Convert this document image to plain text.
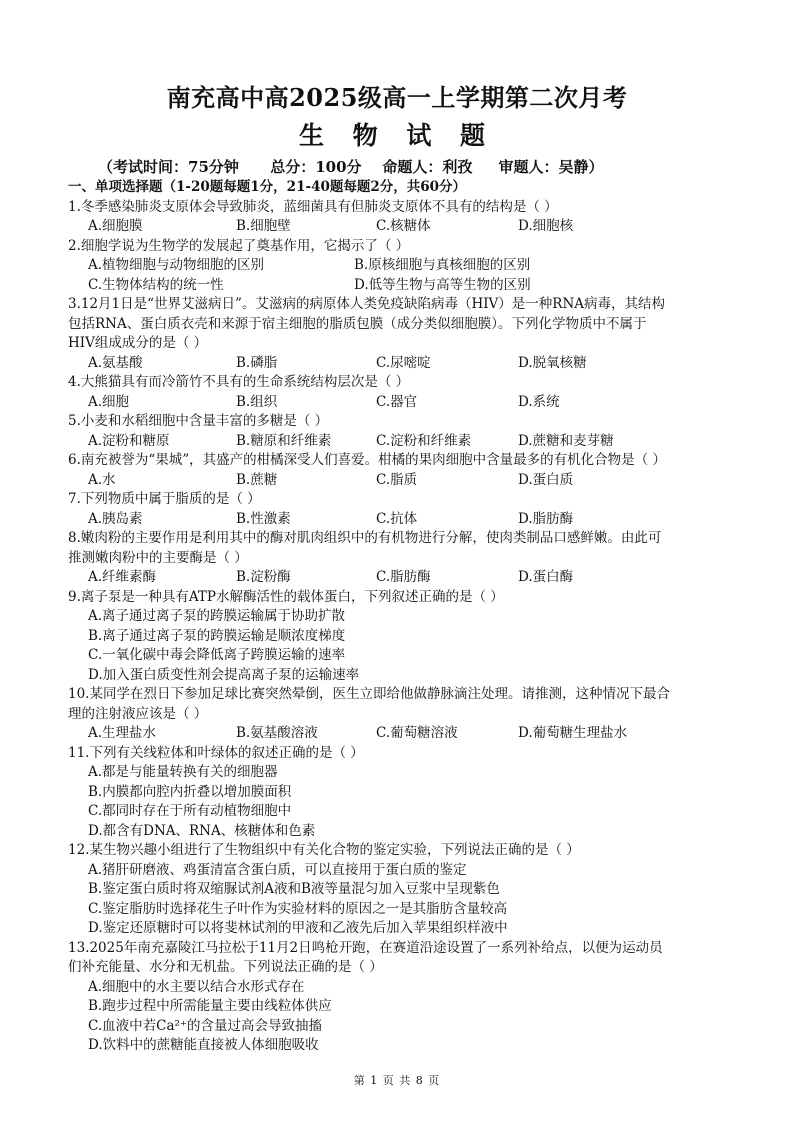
南充高中高2025级高一上学期第二次月考
生 物 试 题
（考试时间：75分钟      总分：100分    命题人：利孜     审题人：吴静）
一、单项选择题（1-20题每题1分，21-40题每题2分，共60分）
1.冬季感染肺炎支原体会导致肺炎，蓝细菌具有但肺炎支原体不具有的结构是（ ）
A.细胞膜	B.细胞壁	C.核糖体	D.细胞核
2.细胞学说为生物学的发展起了奠基作用，它揭示了（ ）
A.植物细胞与动物细胞的区别	B.原核细胞与真核细胞的区别
C.生物体结构的统一性	D.低等生物与高等生物的区别
3.12月1日是“世界艾滋病日”。艾滋病的病原体人类免疫缺陷病毒（HIV）是一种RNA病毒，其结构
包括RNA、蛋白质衣壳和来源于宿主细胞的脂质包膜（成分类似细胞膜）。下列化学物质中不属于
HIV组成成分的是（ ）
A.氨基酸	B.磷脂	C.尿嘧啶	D.脱氧核糖
4.大熊猫具有而冷箭竹不具有的生命系统结构层次是（ ）
A.细胞	B.组织	C.器官	D.系统
5.小麦和水稻细胞中含量丰富的多糖是（ ）
A.淀粉和糖原	B.糖原和纤维素	C.淀粉和纤维素	D.蔗糖和麦芽糖
6.南充被誉为“果城”，其盛产的柑橘深受人们喜爱。柑橘的果肉细胞中含量最多的有机化合物是（ ）
A.水	B.蔗糖	C.脂质	D.蛋白质
7.下列物质中属于脂质的是（ ）
A.胰岛素	B.性激素	C.抗体	D.脂肪酶
8.嫩肉粉的主要作用是利用其中的酶对肌肉组织中的有机物进行分解，使肉类制品口感鲜嫩。由此可
推测嫩肉粉中的主要酶是（ ）
A.纤维素酶	B.淀粉酶	C.脂肪酶	D.蛋白酶
9.离子泵是一种具有ATP水解酶活性的载体蛋白，下列叙述正确的是（ ）
A.离子通过离子泵的跨膜运输属于协助扩散
B.离子通过离子泵的跨膜运输是顺浓度梯度
C.一氧化碳中毒会降低离子跨膜运输的速率
D.加入蛋白质变性剂会提高离子泵的运输速率
10.某同学在烈日下参加足球比赛突然晕倒，医生立即给他做静脉滴注处理。请推测，这种情况下最合
理的注射液应该是（ ）
A.生理盐水	B.氨基酸溶液	C.葡萄糖溶液	D.葡萄糖生理盐水
11.下列有关线粒体和叶绿体的叙述正确的是（ ）
A.都是与能量转换有关的细胞器
B.内膜都向腔内折叠以增加膜面积
C.都同时存在于所有动植物细胞中
D.都含有DNA、RNA、核糖体和色素
12.某生物兴趣小组进行了生物组织中有关化合物的鉴定实验，下列说法正确的是（ ）
A.猪肝研磨液、鸡蛋清富含蛋白质，可以直接用于蛋白质的鉴定
B.鉴定蛋白质时将双缩脲试剂A液和B液等量混匀加入豆浆中呈现紫色
C.鉴定脂肪时选择花生子叶作为实验材料的原因之一是其脂肪含量较高
D.鉴定还原糖时可以将斐林试剂的甲液和乙液先后加入苹果组织样液中
13.2025年南充嘉陵江马拉松于11月2日鸣枪开跑，在赛道沿途设置了一系列补给点，以便为运动员
们补充能量、水分和无机盐。下列说法正确的是（ ）
A.细胞中的水主要以结合水形式存在
B.跑步过程中所需能量主要由线粒体供应
C.血液中若Ca²⁺的含量过高会导致抽搐
D.饮料中的蔗糖能直接被人体细胞吸收
第 1 页 共 8 页
